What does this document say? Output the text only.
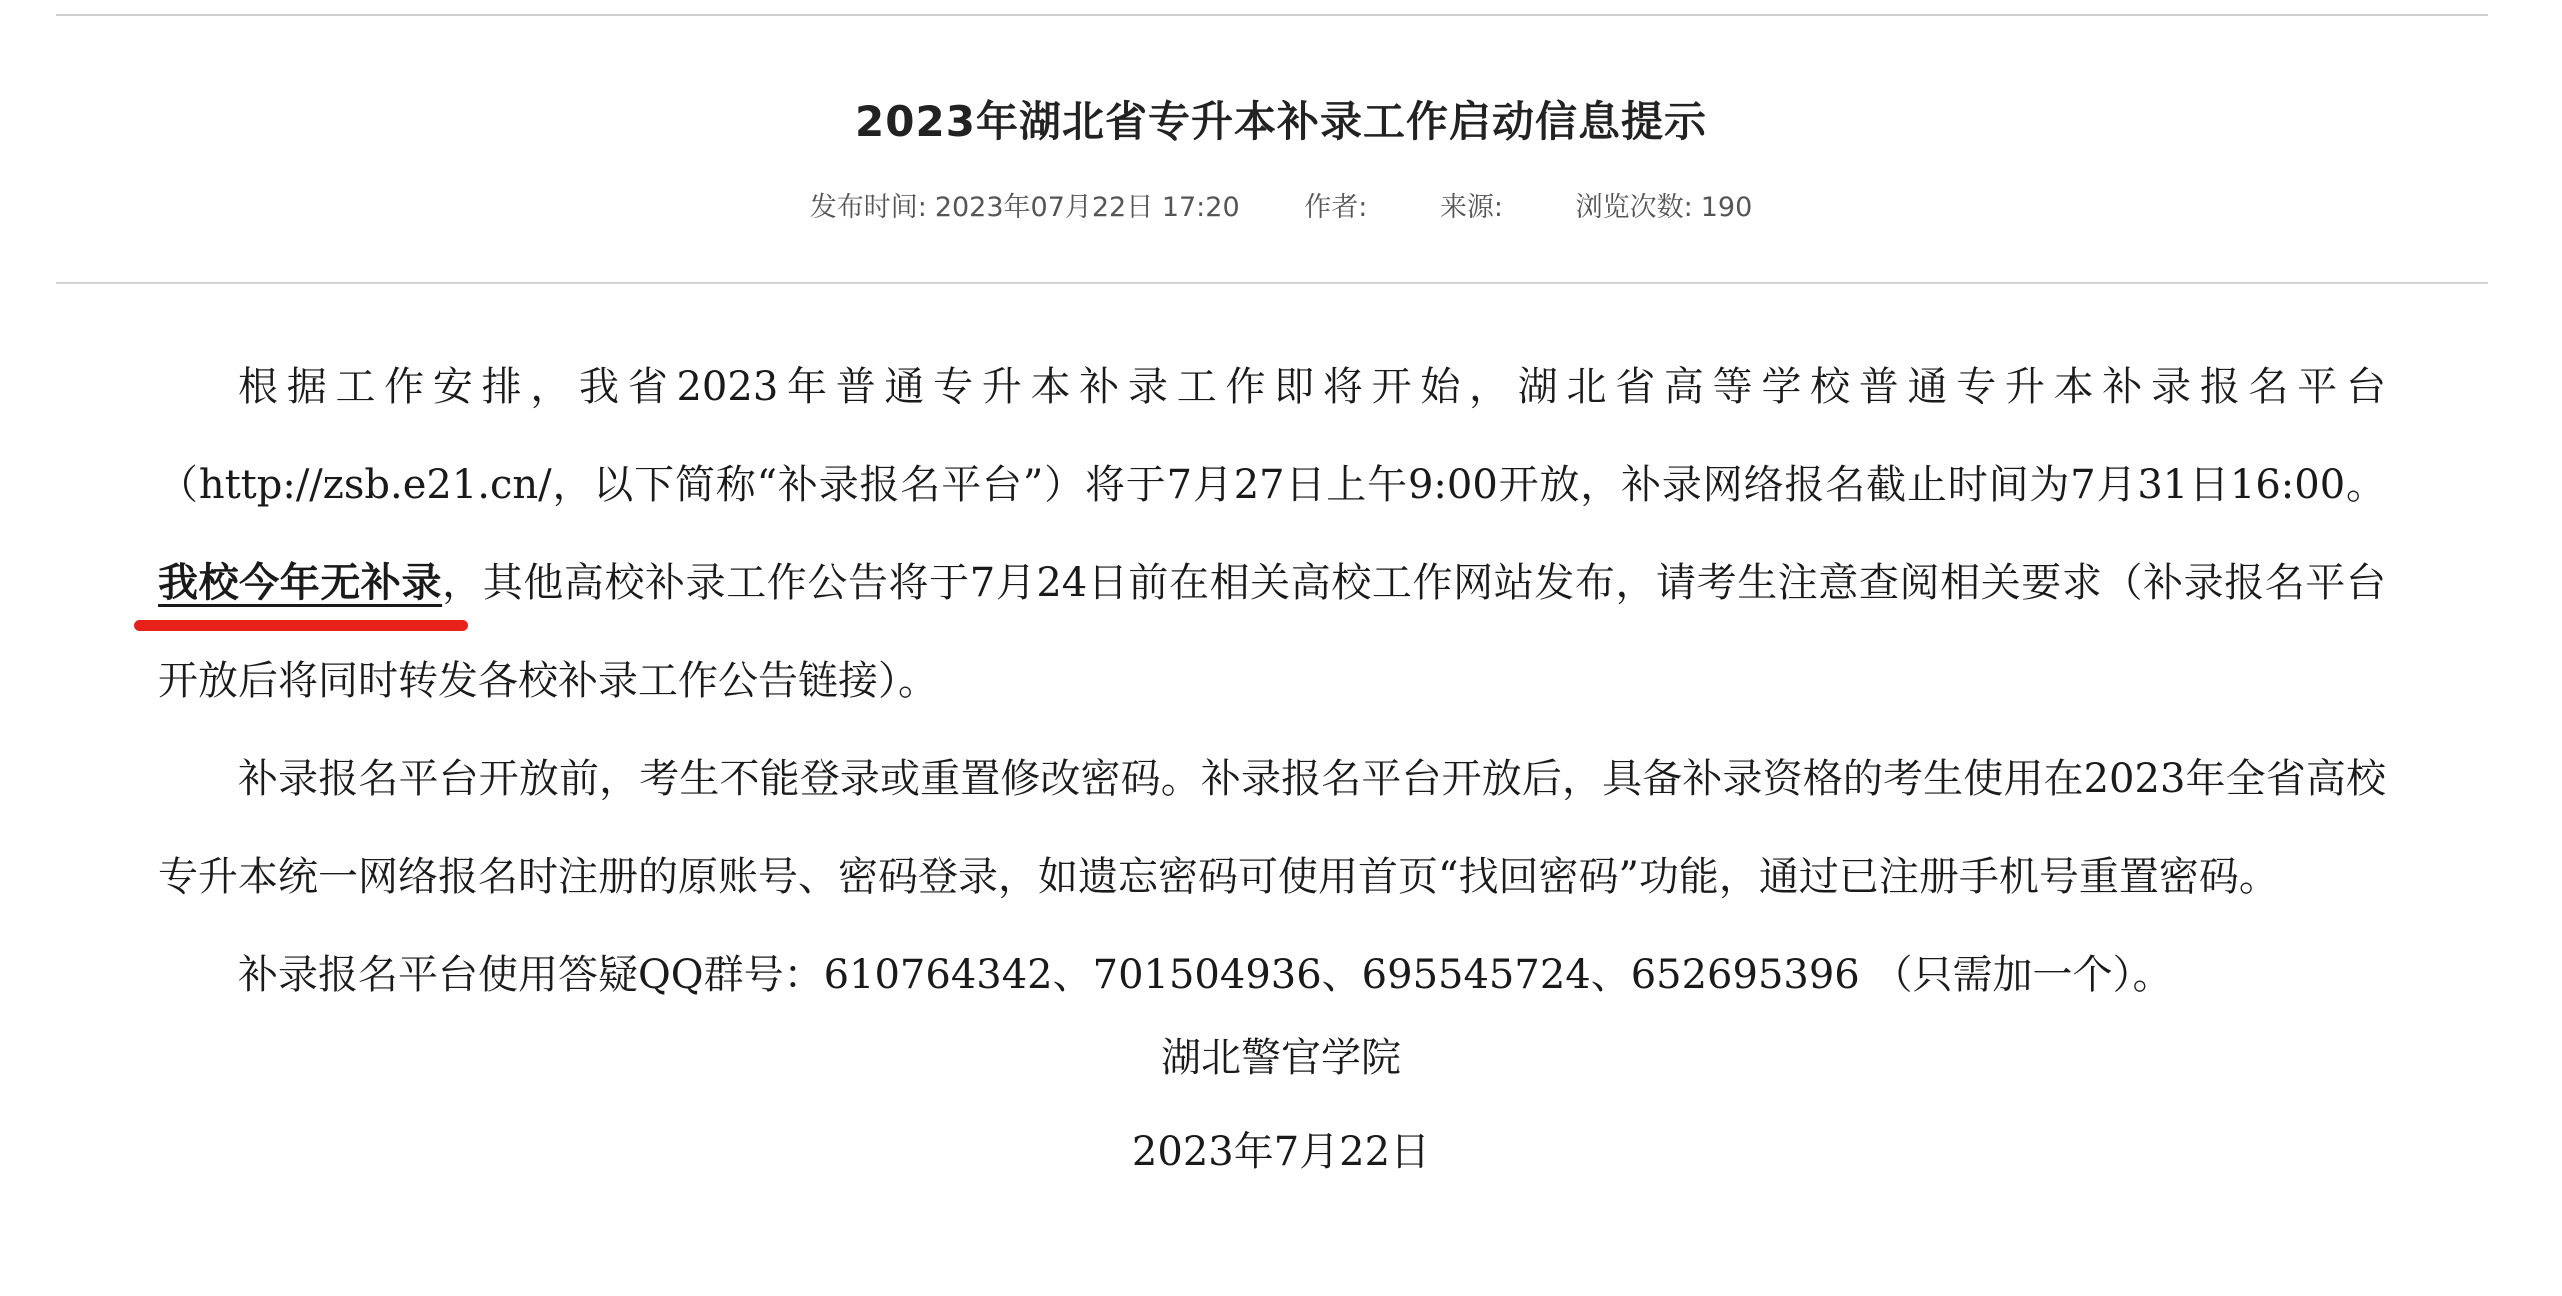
2023年湖北省专升本补录工作启动信息提示
发布时间: 2023年07月22日 17:20 作者:	来源:	浏览次数: 190

根据工作安排，我省2023年普通专升本补录工作即将开始，湖北省高等学校普通专升本补录报名平台（http://zsb.e21.cn/，以下简称“补录报名平台”）将于7月27日上午9:00开放，补录网络报名截止时间为7月31日16:00。我校今年无补录，其他高校补录工作公告将于7月24日前在相关高校工作网站发布，请考生注意查阅相关要求（补录报名平台开放后将同时转发各校补录工作公告链接）。

补录报名平台开放前，考生不能登录或重置修改密码。补录报名平台开放后，具备补录资格的考生使用在2023年全省高校专升本统一网络报名时注册的原账号、密码登录，如遗忘密码可使用首页“找回密码”功能，通过已注册手机号重置密码。

补录报名平台使用答疑QQ群号：610764342、701504936、695545724、652695396 （只需加一个）。

湖北警官学院
2023年7月22日
